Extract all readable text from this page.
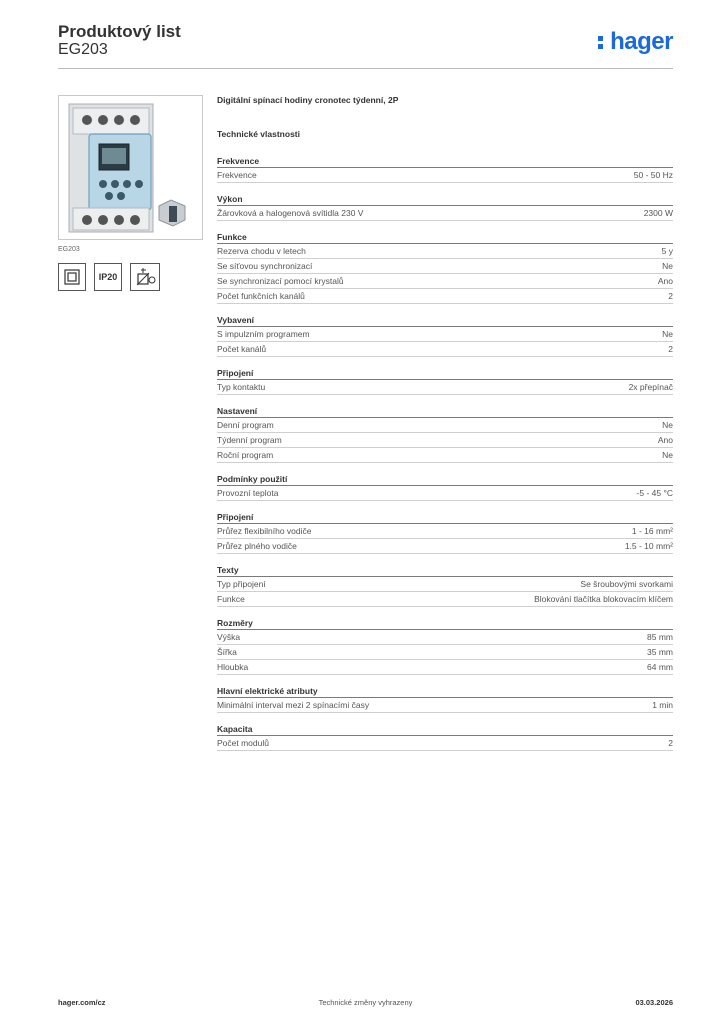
Produktový list
EG203	hager
EG203
IP20
Digitální spínací hodiny cronotec týdenní, 2P
Technické vlastnosti
Frekvence
Frekvence	50 - 50 Hz
Výkon
Žárovková a halogenová svítidla 230 V	2300 W
Funkce
Rezerva chodu v letech	5 y
Se síťovou synchronizací	Ne
Se synchronizací pomocí krystalů	Ano
Počet funkčních kanálů	2
Vybavení
S impulzním programem	Ne
Počet kanálů	2
Připojení
Typ kontaktu	2x přepínač
Nastavení
Denní program	Ne
Týdenní program	Ano
Roční program	Ne
Podmínky použití
Provozní teplota	-5 - 45 °C
Připojení
Průřez flexibilního vodiče	1 - 16 mm²
Průřez plného vodiče	1.5 - 10 mm²
Texty
Typ připojení	Se šroubovými svorkami
Funkce	Blokování tlačítka blokovacím klíčem
Rozměry
Výška	85 mm
Šířka	35 mm
Hloubka	64 mm
Hlavní elektrické atributy
Minimální interval mezi 2 spínacími časy	1 min
Kapacita
Počet modulů	2
hager.com/cz	Technické změny vyhrazeny	03.03.2026
